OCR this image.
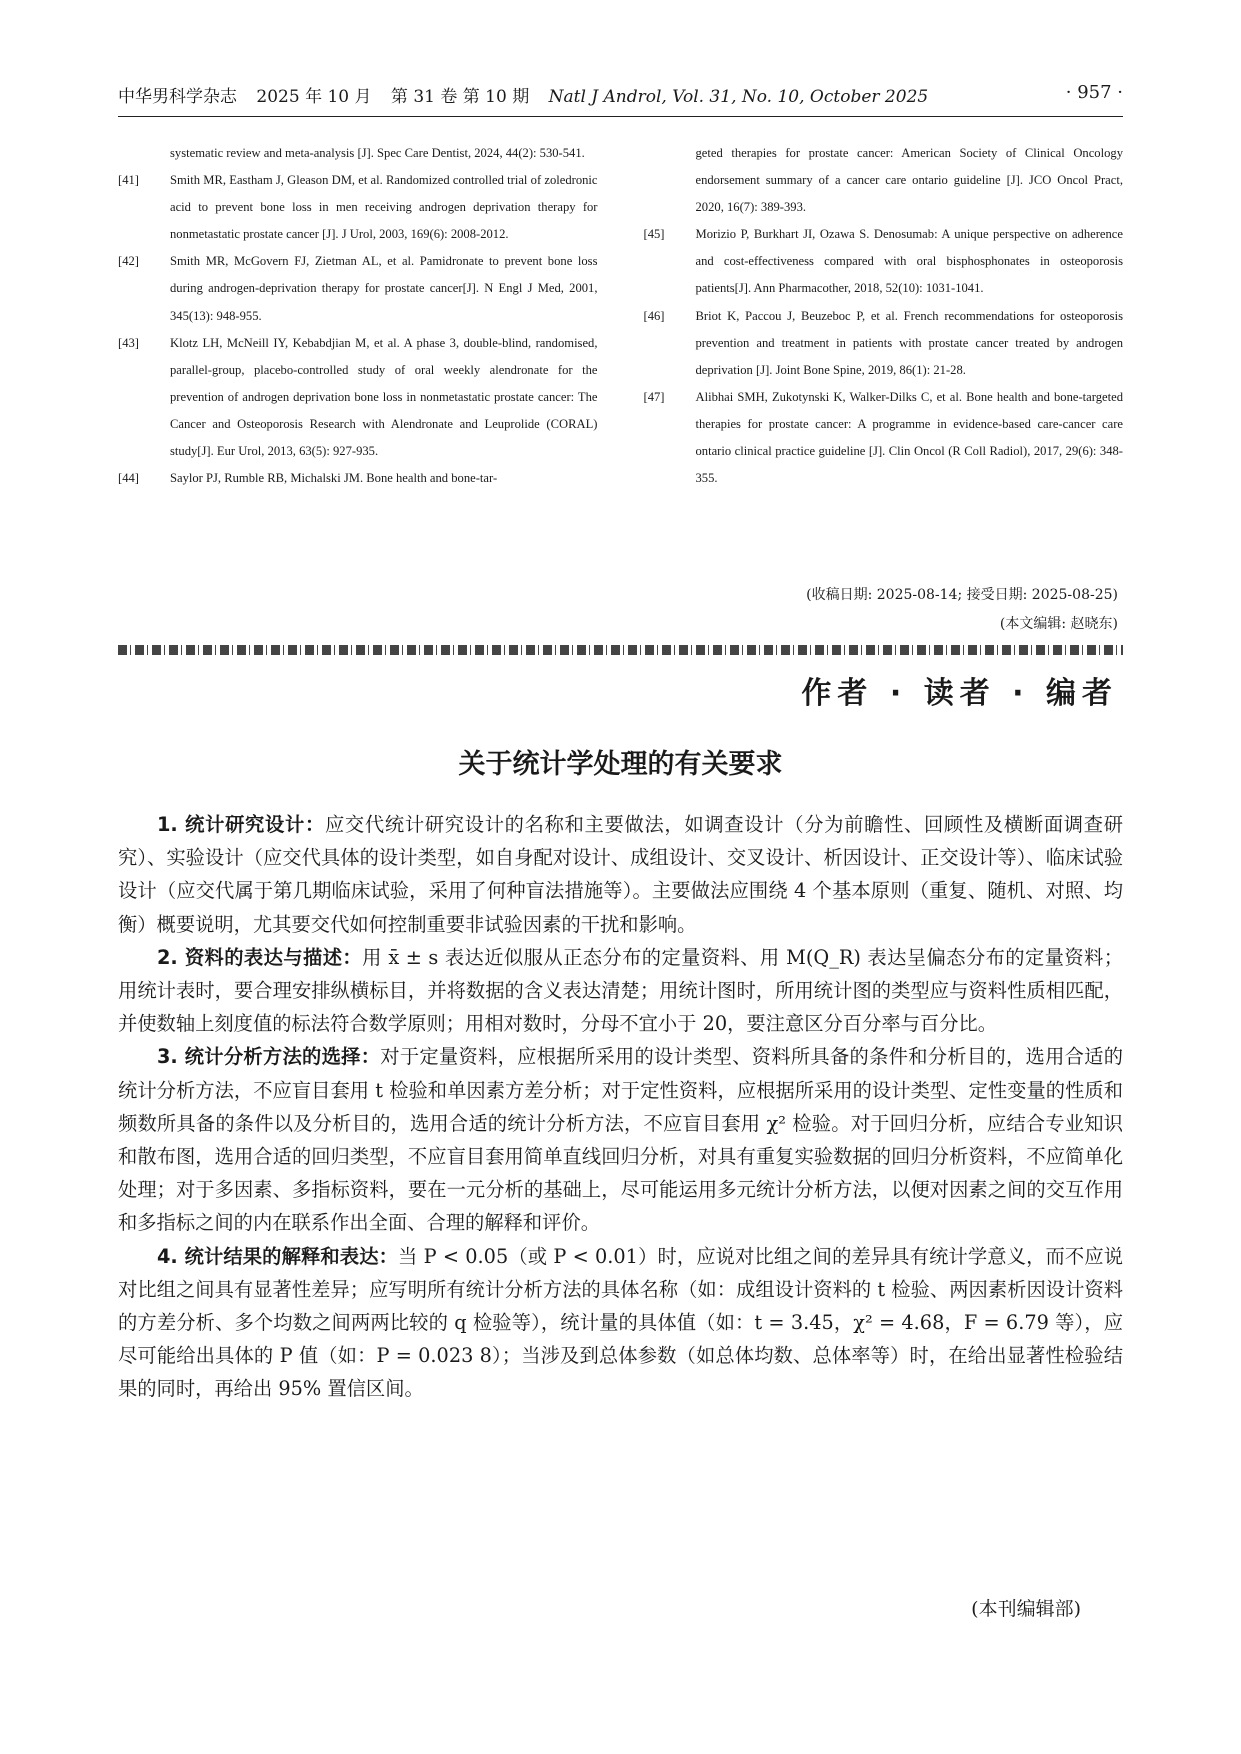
中华男科学杂志 2025 年 10 月 第 31 卷 第 10 期 Natl J Androl, Vol. 31, No. 10, October 2025	· 957 ·
systematic review and meta-analysis [J]. Spec Care Dentist, 2024, 44(2): 530-541.
[41]	Smith MR, Eastham J, Gleason DM, et al. Randomized controlled trial of zoledronic acid to prevent bone loss in men receiving androgen deprivation therapy for nonmetastatic prostate cancer [J]. J Urol, 2003, 169(6): 2008-2012.
[42]	Smith MR, McGovern FJ, Zietman AL, et al. Pamidronate to prevent bone loss during androgen-deprivation therapy for prostate cancer[J]. N Engl J Med, 2001, 345(13): 948-955.
[43]	Klotz LH, McNeill IY, Kebabdjian M, et al. A phase 3, double-blind, randomised, parallel-group, placebo-controlled study of oral weekly alendronate for the prevention of androgen deprivation bone loss in nonmetastatic prostate cancer: The Cancer and Osteoporosis Research with Alendronate and Leuprolide (CORAL) study[J]. Eur Urol, 2013, 63(5): 927-935.
[44]	Saylor PJ, Rumble RB, Michalski JM. Bone health and bone-tar-
geted therapies for prostate cancer: American Society of Clinical Oncology endorsement summary of a cancer care ontario guideline [J]. JCO Oncol Pract, 2020, 16(7): 389-393.
[45]	Morizio P, Burkhart JI, Ozawa S. Denosumab: A unique perspective on adherence and cost-effectiveness compared with oral bisphosphonates in osteoporosis patients[J]. Ann Pharmacother, 2018, 52(10): 1031-1041.
[46]	Briot K, Paccou J, Beuzeboc P, et al. French recommendations for osteoporosis prevention and treatment in patients with prostate cancer treated by androgen deprivation [J]. Joint Bone Spine, 2019, 86(1): 21-28.
[47]	Alibhai SMH, Zukotynski K, Walker-Dilks C, et al. Bone health and bone-targeted therapies for prostate cancer: A programme in evidence-based care-cancer care ontario clinical practice guideline [J]. Clin Oncol (R Coll Radiol), 2017, 29(6): 348-355.
(收稿日期: 2025-08-14; 接受日期: 2025-08-25)
(本文编辑: 赵晓东)
作者 · 读者 · 编者
关于统计学处理的有关要求

1. 统计研究设计：应交代统计研究设计的名称和主要做法，如调查设计（分为前瞻性、回顾性及横断面调查研究）、实验设计（应交代具体的设计类型，如自身配对设计、成组设计、交叉设计、析因设计、正交设计等）、临床试验设计（应交代属于第几期临床试验，采用了何种盲法措施等）。主要做法应围绕 4 个基本原则（重复、随机、对照、均衡）概要说明，尤其要交代如何控制重要非试验因素的干扰和影响。

2. 资料的表达与描述：用 x̄ ± s 表达近似服从正态分布的定量资料、用 M(Q_R) 表达呈偏态分布的定量资料；用统计表时，要合理安排纵横标目，并将数据的含义表达清楚；用统计图时，所用统计图的类型应与资料性质相匹配，并使数轴上刻度值的标法符合数学原则；用相对数时，分母不宜小于 20，要注意区分百分率与百分比。

3. 统计分析方法的选择：对于定量资料，应根据所采用的设计类型、资料所具备的条件和分析目的，选用合适的统计分析方法，不应盲目套用 t 检验和单因素方差分析；对于定性资料，应根据所采用的设计类型、定性变量的性质和频数所具备的条件以及分析目的，选用合适的统计分析方法，不应盲目套用 χ² 检验。对于回归分析，应结合专业知识和散布图，选用合适的回归类型，不应盲目套用简单直线回归分析，对具有重复实验数据的回归分析资料，不应简单化处理；对于多因素、多指标资料，要在一元分析的基础上，尽可能运用多元统计分析方法，以便对因素之间的交互作用和多指标之间的内在联系作出全面、合理的解释和评价。

4. 统计结果的解释和表达：当 P < 0.05（或 P < 0.01）时，应说对比组之间的差异具有统计学意义，而不应说对比组之间具有显著性差异；应写明所有统计分析方法的具体名称（如：成组设计资料的 t 检验、两因素析因设计资料的方差分析、多个均数之间两两比较的 q 检验等），统计量的具体值（如：t = 3.45，χ² = 4.68，F = 6.79 等），应尽可能给出具体的 P 值（如：P = 0.023 8）；当涉及到总体参数（如总体均数、总体率等）时，在给出显著性检验结果的同时，再给出 95% 置信区间。

(本刊编辑部)
